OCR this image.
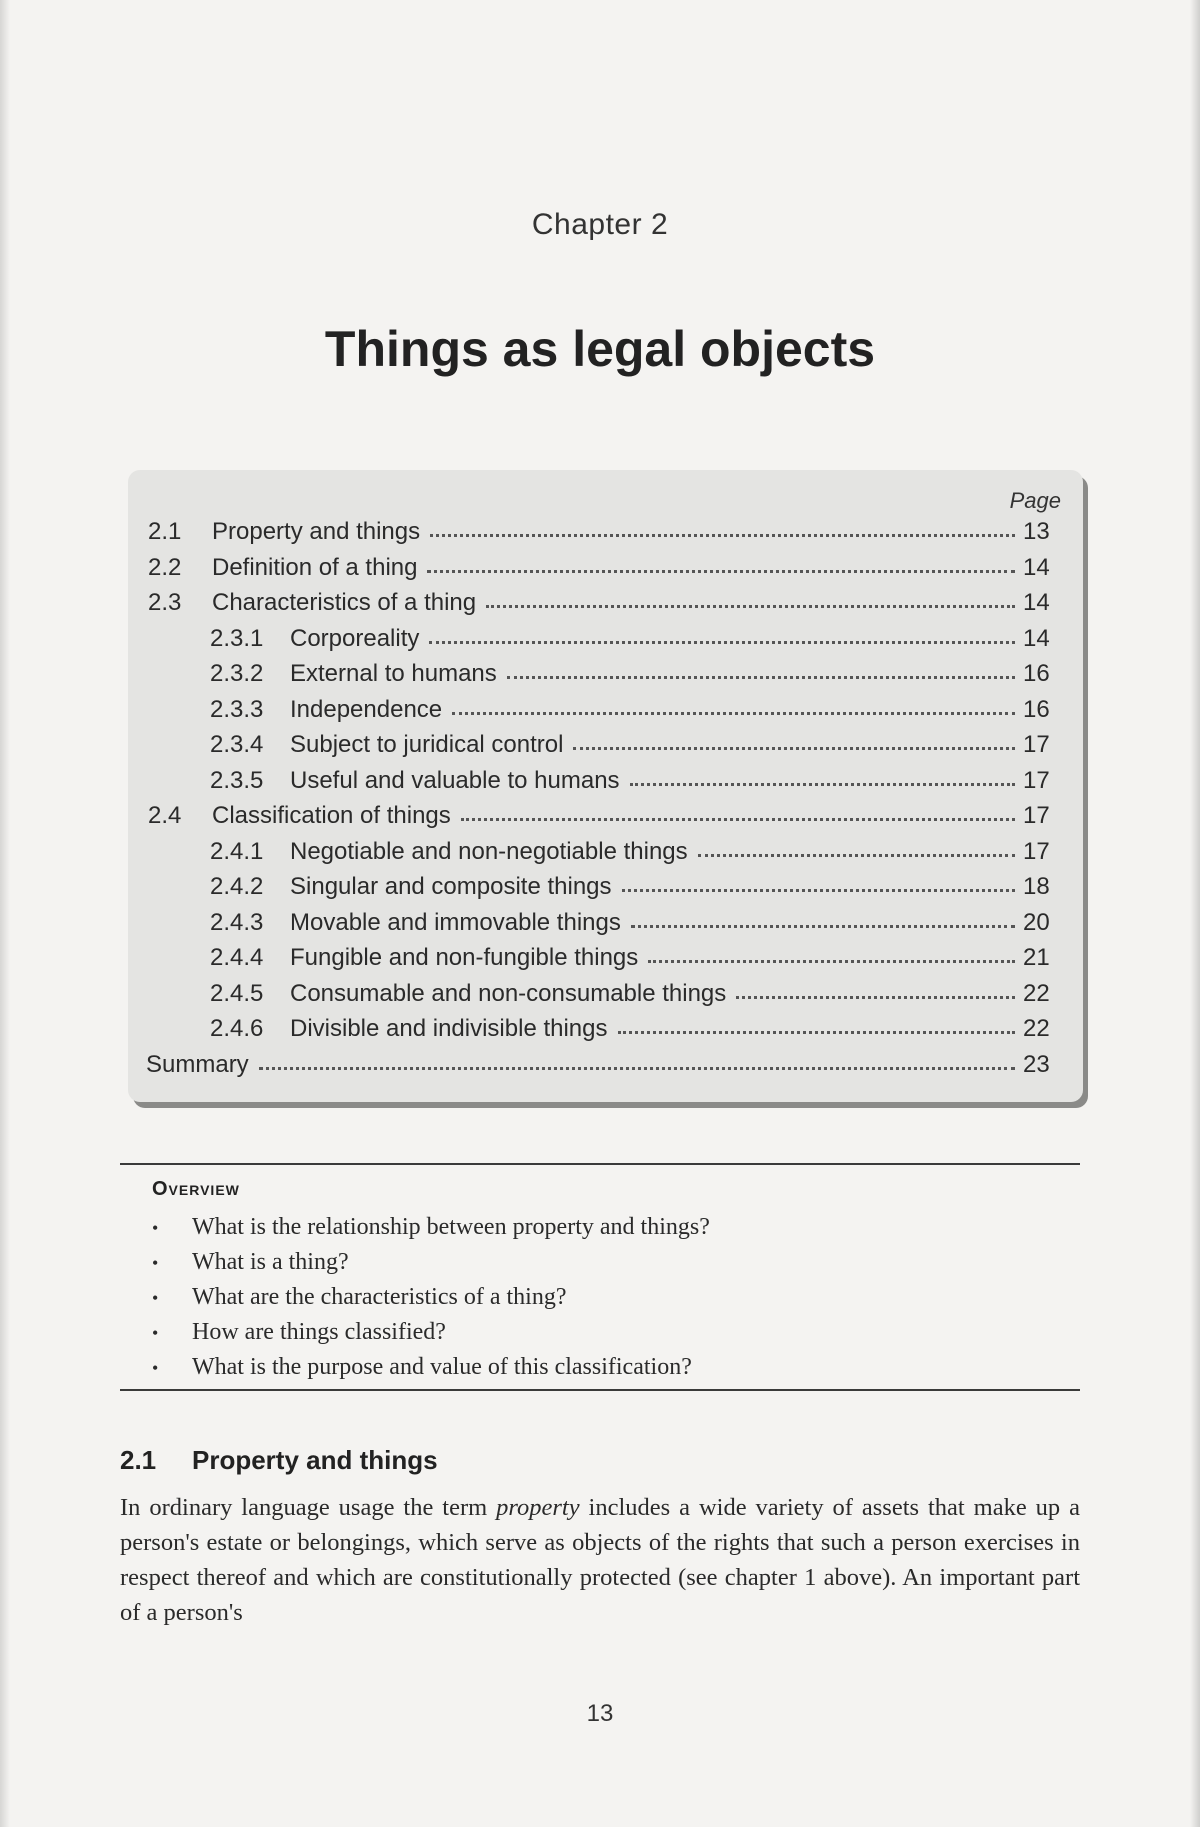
Chapter 2
Things as legal objects
Page
2.1	Property and things	13
2.2	Definition of a thing	14
2.3	Characteristics of a thing	14
2.3.1	Corporeality	14
2.3.2	External to humans	16
2.3.3	Independence	16
2.3.4	Subject to juridical control	17
2.3.5	Useful and valuable to humans	17
2.4	Classification of things	17
2.4.1	Negotiable and non-negotiable things	17
2.4.2	Singular and composite things	18
2.4.3	Movable and immovable things	20
2.4.4	Fungible and non-fungible things	21
2.4.5	Consumable and non-consumable things	22
2.4.6	Divisible and indivisible things	22
Summary	23
Overview
• What is the relationship between property and things?
• What is a thing?
• What are the characteristics of a thing?
• How are things classified?
• What is the purpose and value of this classification?
2.1 Property and things

In ordinary language usage the term property includes a wide variety of assets that make up a person's estate or belongings, which serve as objects of the rights that such a person exercises in respect thereof and which are constitutionally protected (see chapter 1 above). An important part of a person's

13
